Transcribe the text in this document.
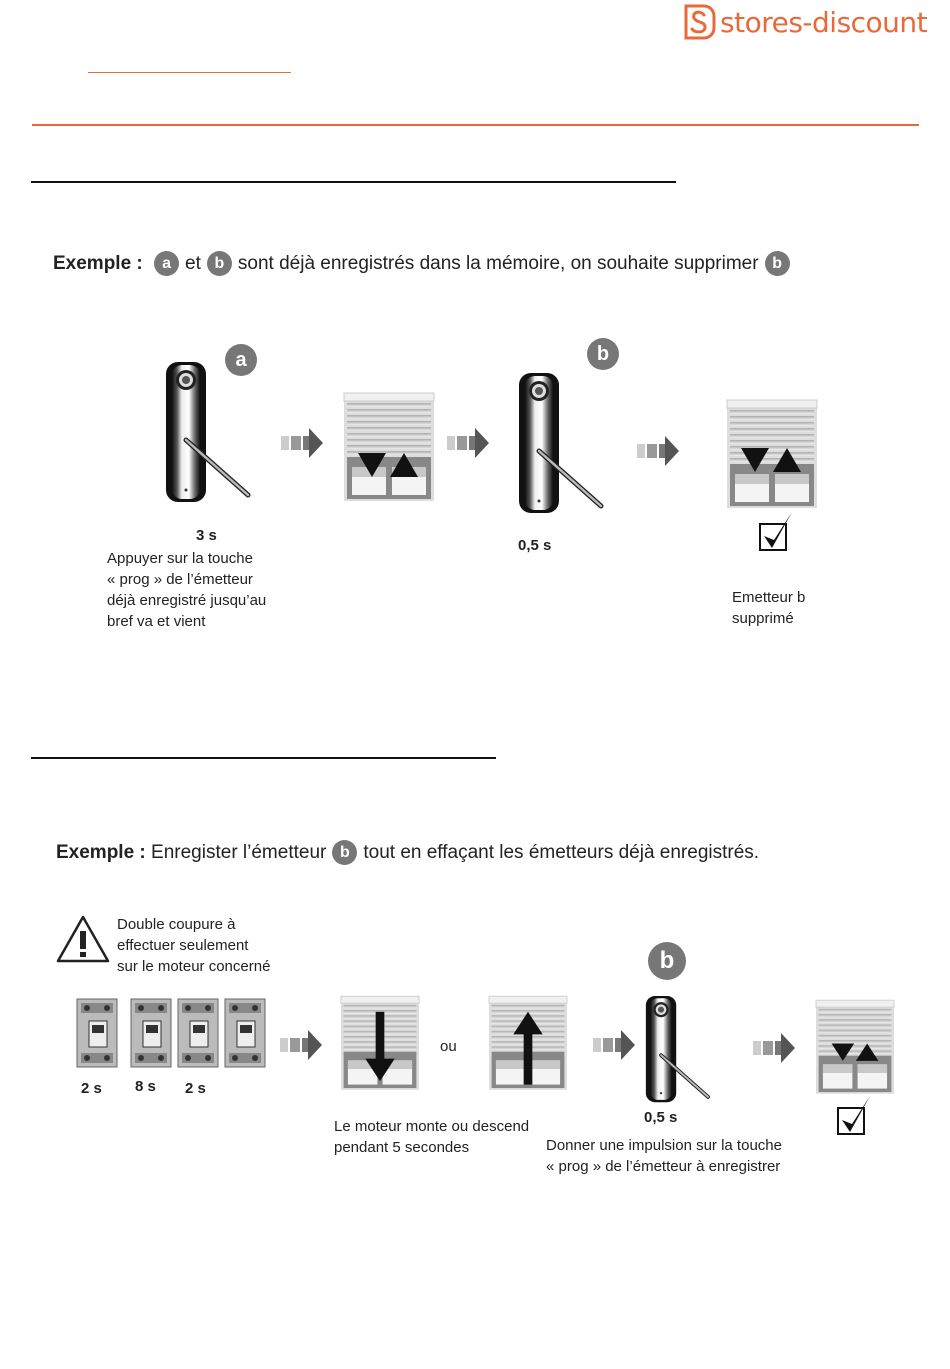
stores-discount
Exemple :
	a et b sont déjà enregistrés dans la mémoire, on souhaite supprimer b
a
3 s
Appuyer sur la touche
« prog » de l’émetteur
déjà enregistré jusqu’au
bref va et vient
b
0,5 s
Emetteur b
supprimé
Exemple :
Enregister l’émetteur b tout en effaçant les émetteurs déjà enregistrés.
Double coupure à
effectuer seulement
sur le moteur concerné
2 s 8 s 2 s
ou
Le moteur monte ou descend
pendant 5 secondes
b
0,5 s
Donner une impulsion sur la touche
« prog » de l’émetteur à enregistrer
